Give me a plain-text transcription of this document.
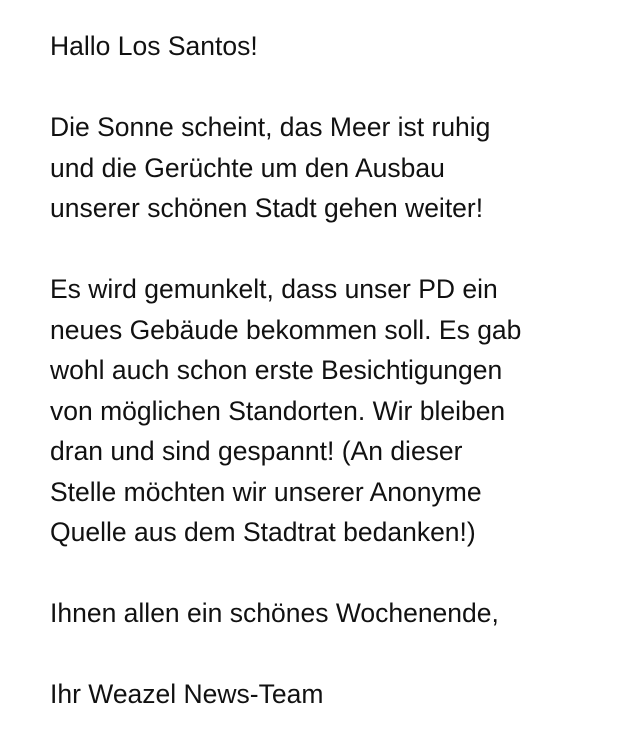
Hallo Los Santos!

Die Sonne scheint, das Meer ist ruhig
und die Gerüchte um den Ausbau
unserer schönen Stadt gehen weiter!

Es wird gemunkelt, dass unser PD ein
neues Gebäude bekommen soll. Es gab
wohl auch schon erste Besichtigungen
von möglichen Standorten. Wir bleiben
dran und sind gespannt! (An dieser
Stelle möchten wir unserer Anonyme
Quelle aus dem Stadtrat bedanken!)

Ihnen allen ein schönes Wochenende,

Ihr Weazel News-Team
